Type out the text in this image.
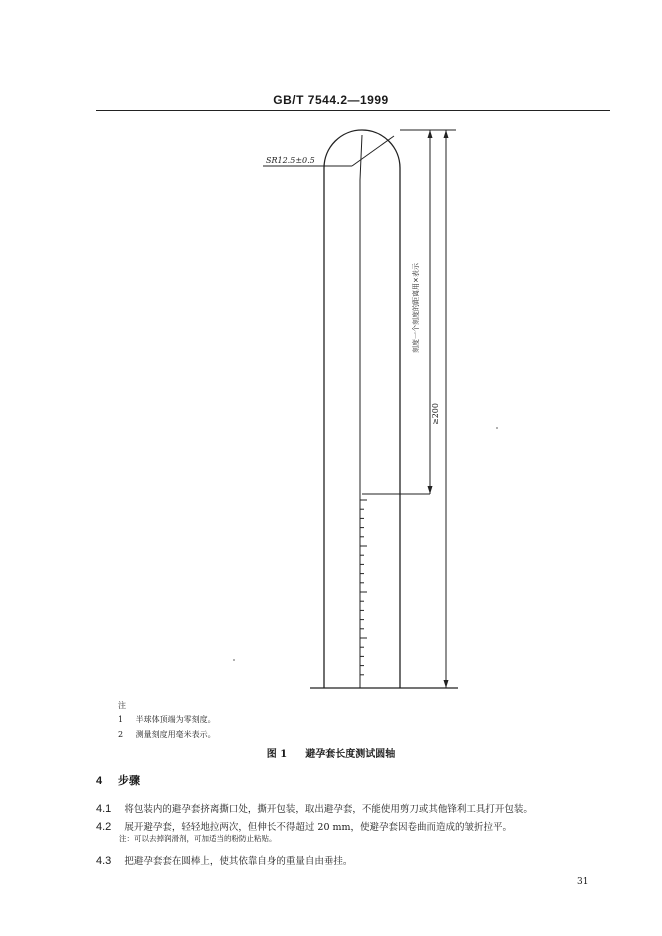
GB/T 7544.2—1999
SR12.5±0.5
刻度一个刻度的距离用×表示
≥200
注
1 半球体顶端为零刻度。
2 测量刻度用毫米表示。
图 1 避孕套长度测试圆轴
4 步骤
4.1 将包装内的避孕套挤离撕口处，撕开包装，取出避孕套，不能使用剪刀或其他锋利工具打开包装。
4.2 展开避孕套，轻轻地拉两次，但伸长不得超过 20 mm，使避孕套因卷曲而造成的皱折拉平。
注：可以去掉润滑剂，可加适当的粉防止粘贴。
4.3 把避孕套套在圆棒上，使其依靠自身的重量自由垂挂。
31
